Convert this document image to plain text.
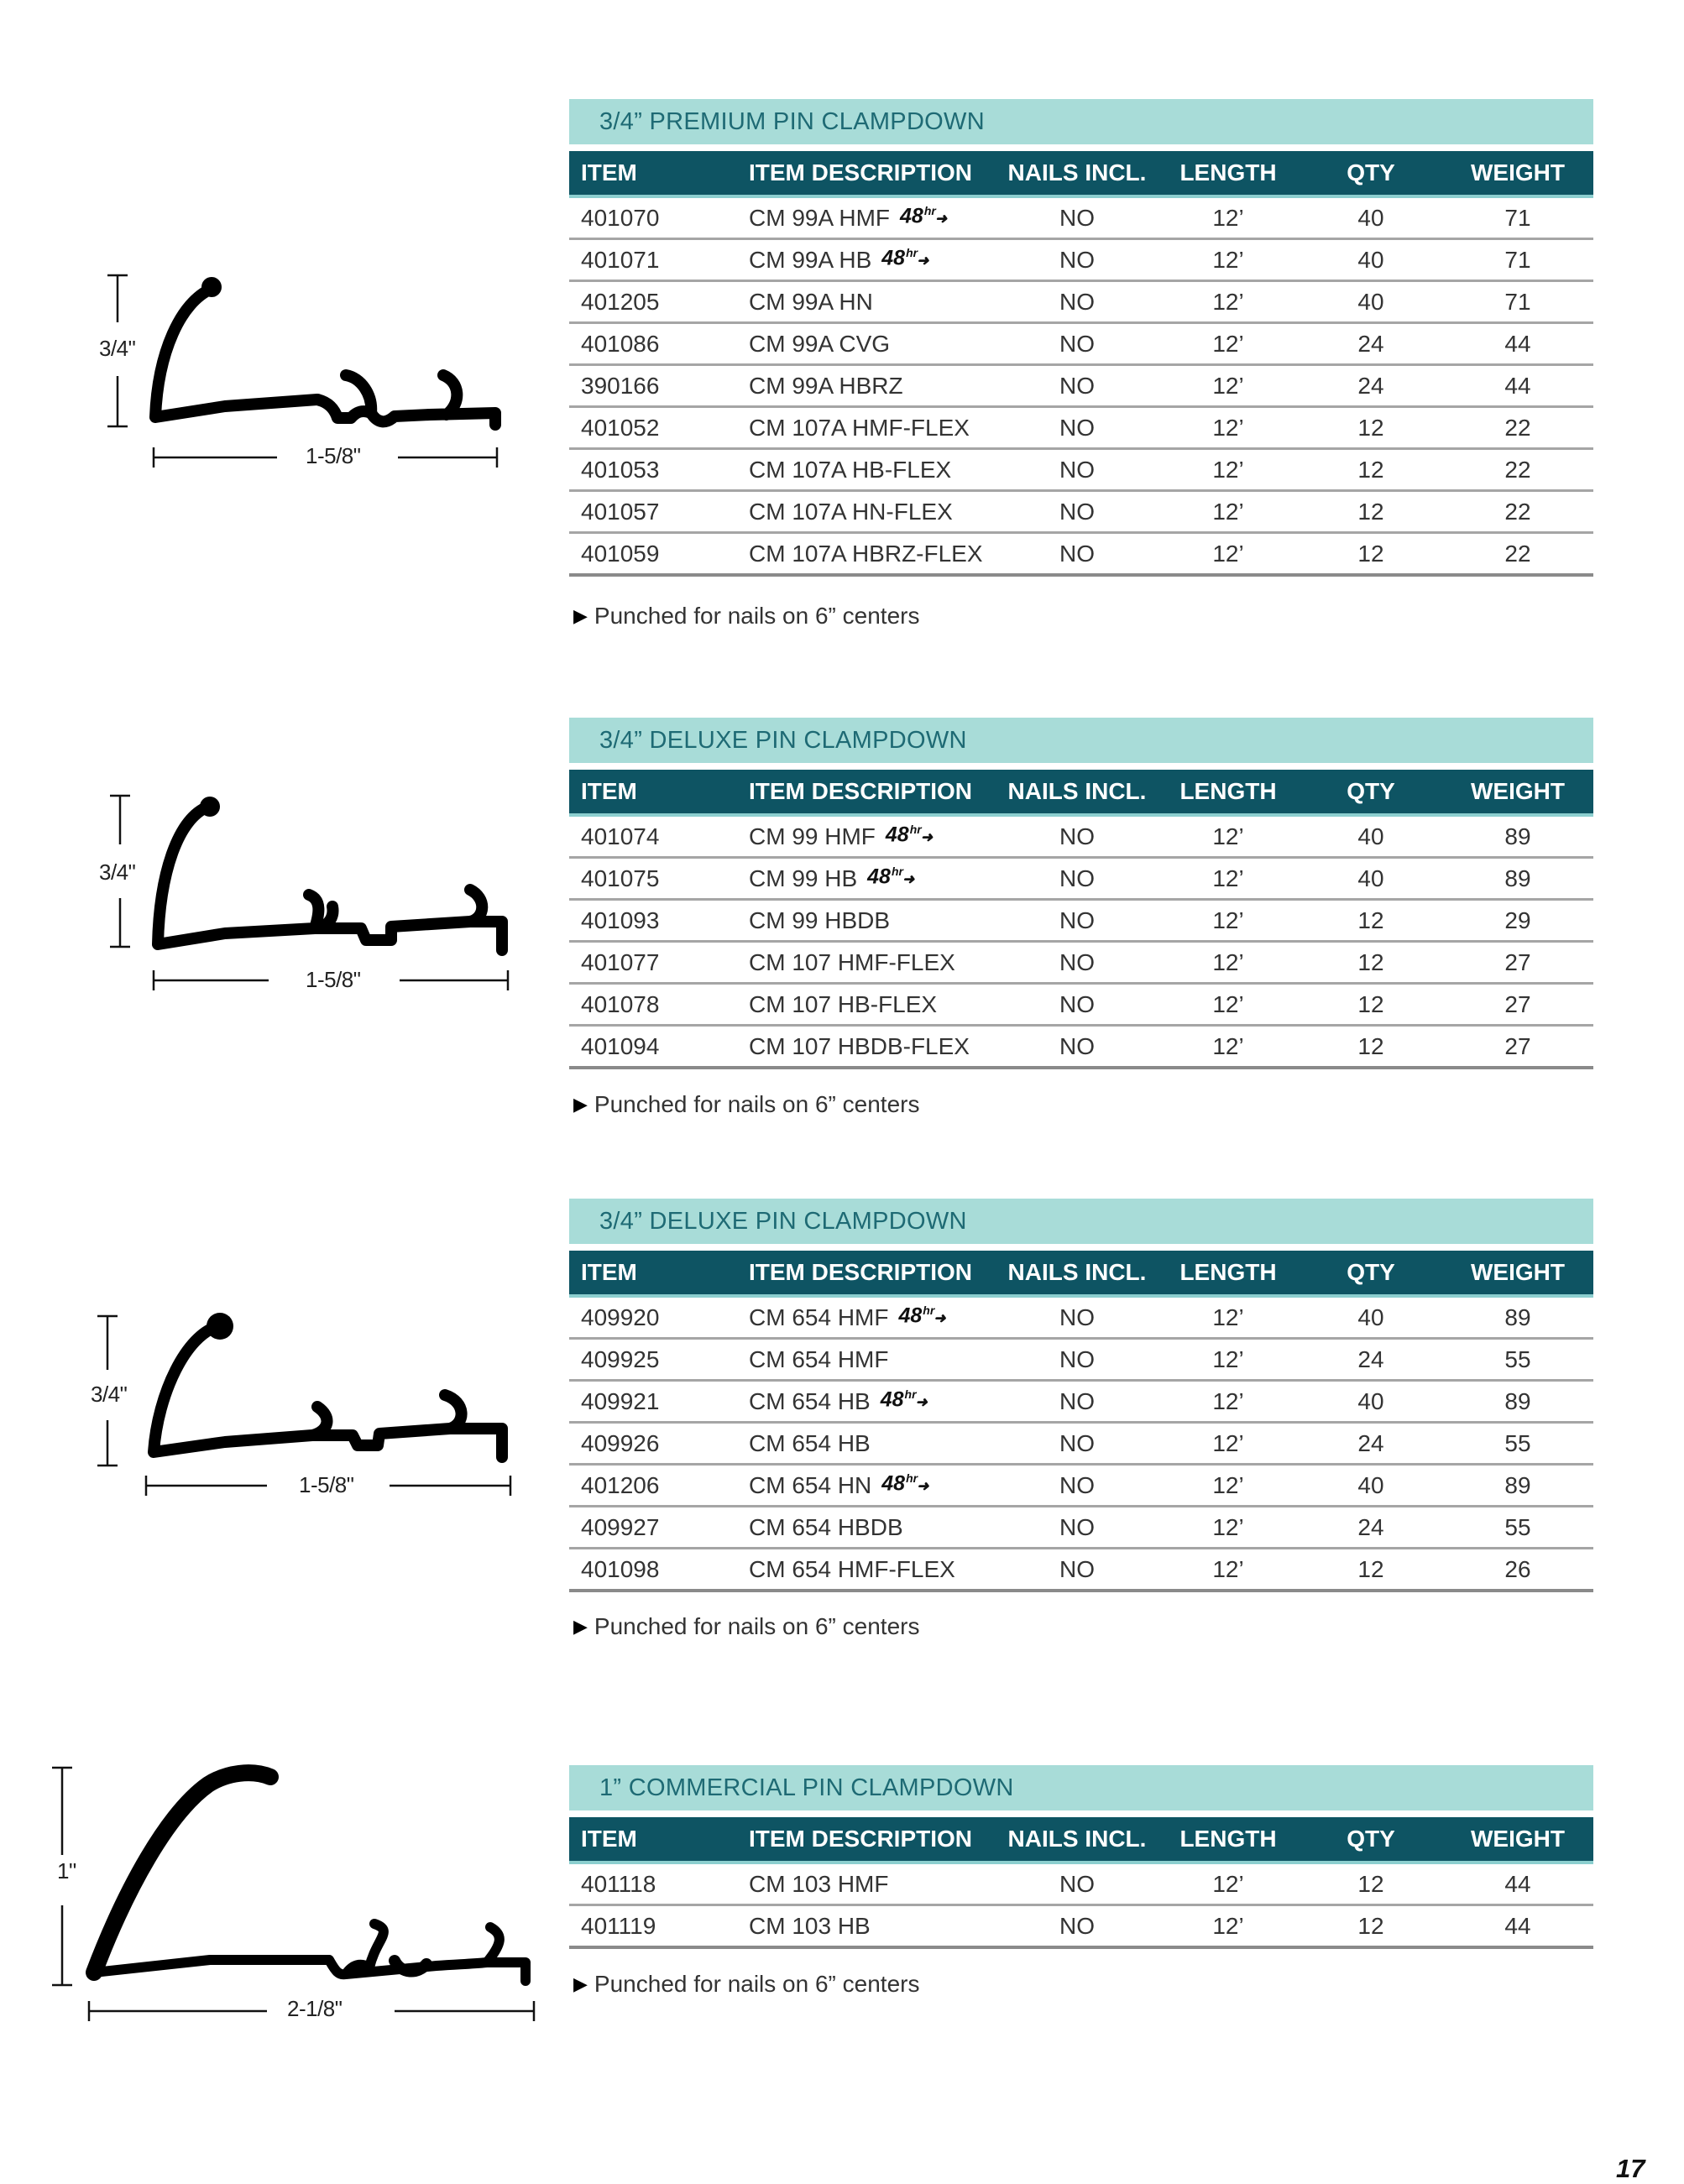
3/4"
1-5/8"
3/4"
1-5/8"
3/4"
1-5/8"
1"
2-1/8"
3/4” PREMIUM PIN CLAMPDOWN
ITEM	ITEM DESCRIPTION	NAILS INCL.	LENGTH	QTY	WEIGHT
401070	CM 99A HMF $48^{hr}➜$	NO	12’	40	71
401071	CM 99A HB $48^{hr}➜$	NO	12’	40	71
401205	CM 99A HN	NO	12’	40	71
401086	CM 99A CVG	NO	12’	24	44
390166	CM 99A HBRZ	NO	12’	24	44
401052	CM 107A HMF-FLEX	NO	12’	12	22
401053	CM 107A HB-FLEX	NO	12’	12	22
401057	CM 107A HN-FLEX	NO	12’	12	22
401059	CM 107A HBRZ-FLEX	NO	12’	12	22
▶ Punched for nails on 6” centers
3/4” DELUXE PIN CLAMPDOWN
ITEM	ITEM DESCRIPTION	NAILS INCL.	LENGTH	QTY	WEIGHT
401074	CM 99 HMF $48^{hr}➜$	NO	12’	40	89
401075	CM 99 HB $48^{hr}➜$	NO	12’	40	89
401093	CM 99 HBDB	NO	12’	12	29
401077	CM 107 HMF-FLEX	NO	12’	12	27
401078	CM 107 HB-FLEX	NO	12’	12	27
401094	CM 107 HBDB-FLEX	NO	12’	12	27
▶ Punched for nails on 6” centers
3/4” DELUXE PIN CLAMPDOWN
ITEM	ITEM DESCRIPTION	NAILS INCL.	LENGTH	QTY	WEIGHT
409920	CM 654 HMF $48^{hr}➜$	NO	12’	40	89
409925	CM 654 HMF	NO	12’	24	55
409921	CM 654 HB $48^{hr}➜$	NO	12’	40	89
409926	CM 654 HB	NO	12’	24	55
401206	CM 654 HN $48^{hr}➜$	NO	12’	40	89
409927	CM 654 HBDB	NO	12’	24	55
401098	CM 654 HMF-FLEX	NO	12’	12	26
▶ Punched for nails on 6” centers
1” COMMERCIAL PIN CLAMPDOWN
ITEM	ITEM DESCRIPTION	NAILS INCL.	LENGTH	QTY	WEIGHT
401118	CM 103 HMF	NO	12’	12	44
401119	CM 103 HB	NO	12’	12	44
▶ Punched for nails on 6” centers
17
